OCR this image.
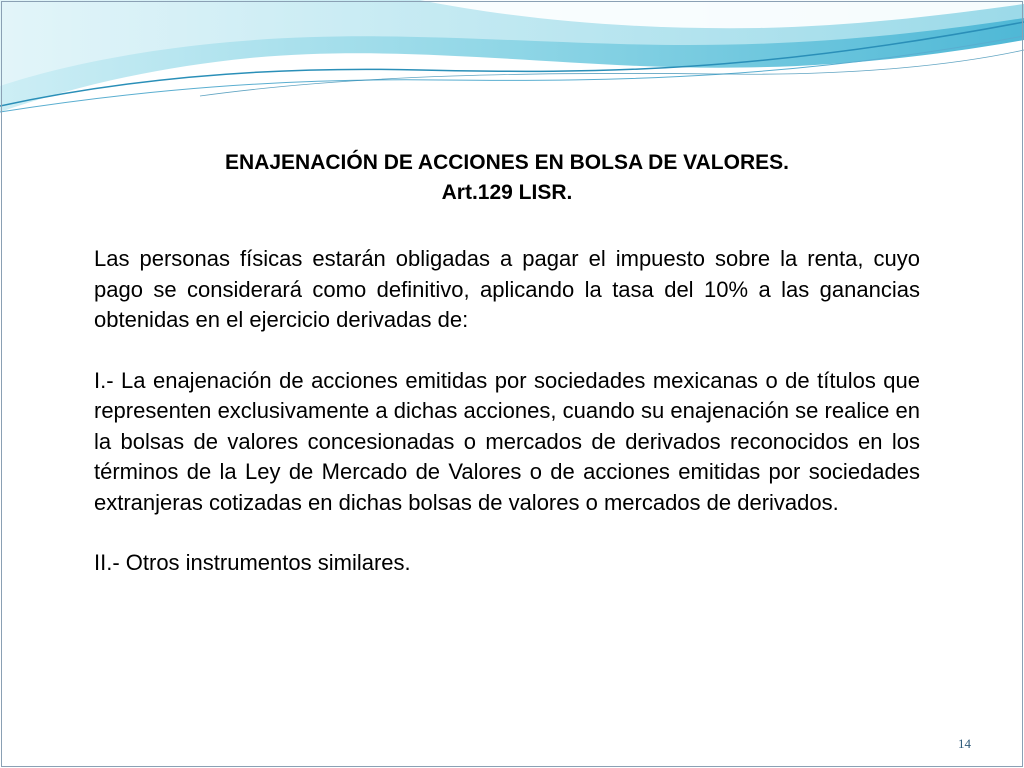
ENAJENACIÓN DE ACCIONES EN BOLSA DE VALORES.
Art.129 LISR.

Las personas físicas estarán obligadas a pagar el impuesto sobre la renta, cuyo pago se considerará como definitivo, aplicando la tasa del 10% a las ganancias obtenidas en el ejercicio derivadas de:

I.- La enajenación de acciones emitidas por sociedades mexicanas o de títulos que representen exclusivamente a dichas acciones, cuando su enajenación se realice en la bolsas de valores concesionadas o mercados de derivados reconocidos en los términos de la Ley de Mercado de Valores o de acciones emitidas por sociedades extranjeras cotizadas en dichas bolsas de valores o mercados de derivados.

II.- Otros instrumentos similares.

14
